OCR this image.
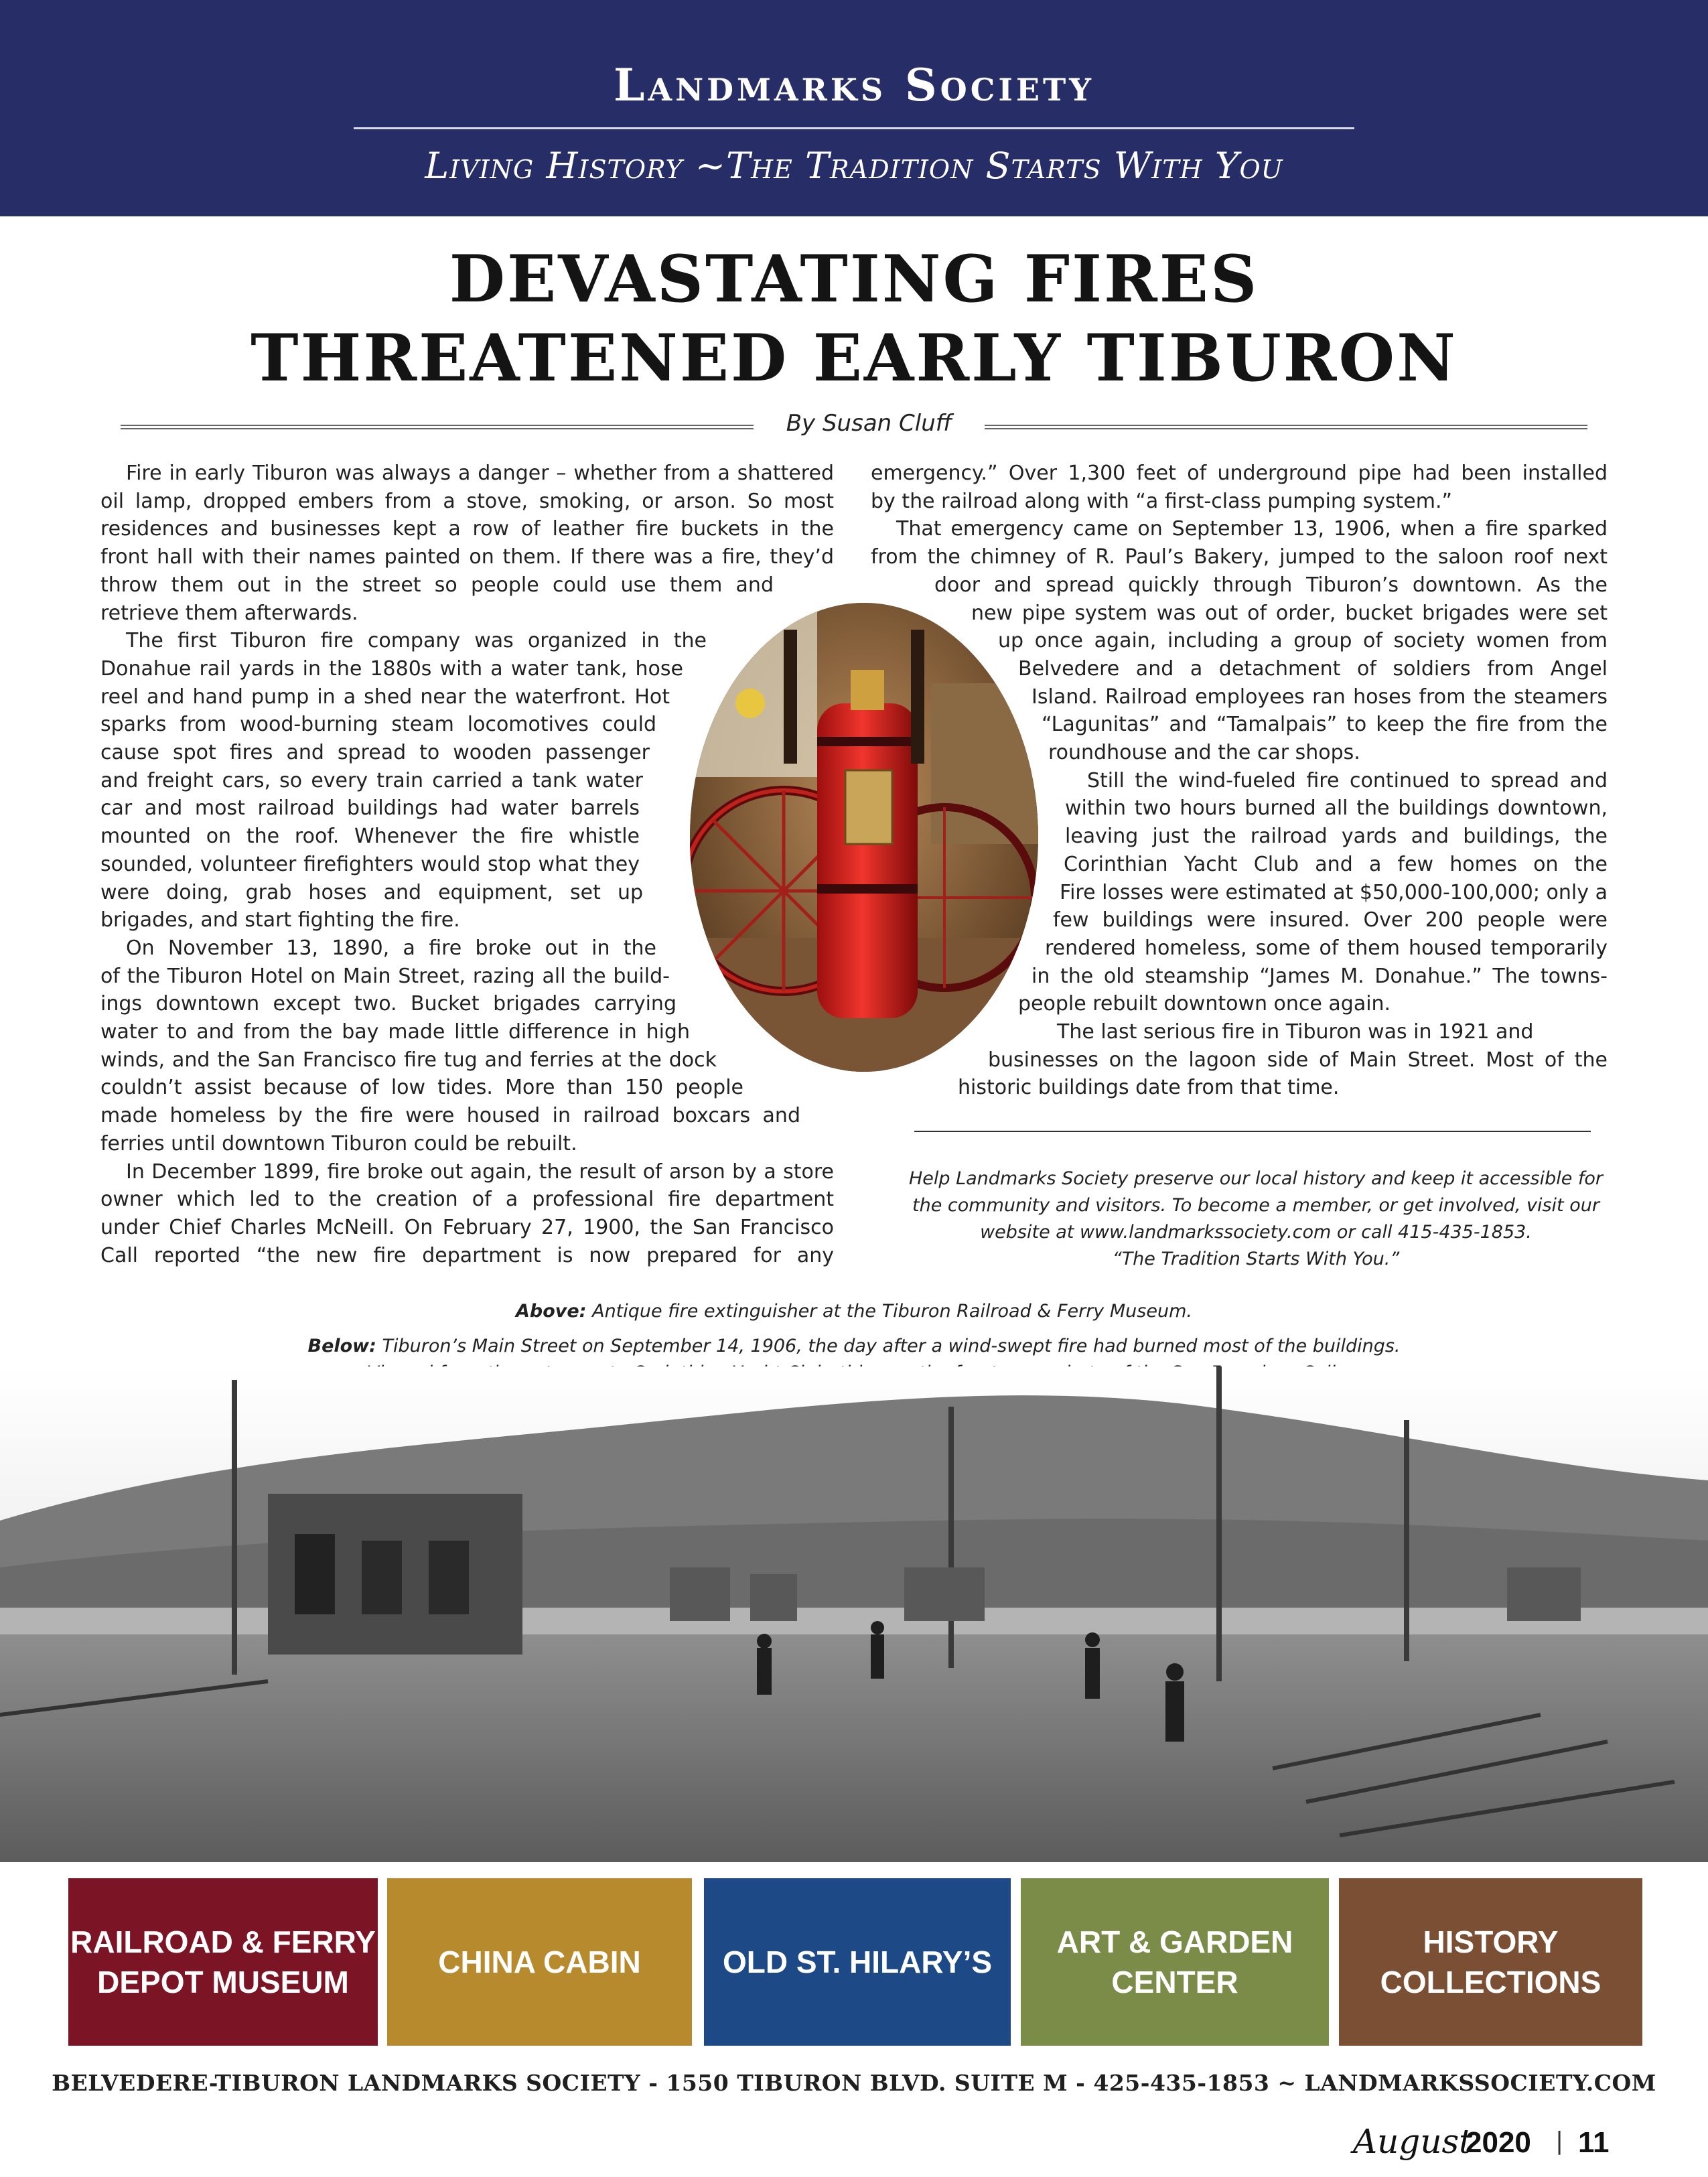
Landmarks Society
Living History ~The Tradition Starts With You
DEVASTATING FIRES
THREATENED EARLY TIBURON
By Susan Cluff
Fire in early Tiburon was always a danger – whether from a shattered
oil lamp, dropped embers from a stove, smoking, or arson. So most
residences and businesses kept a row of leather fire buckets in the
front hall with their names painted on them. If there was a fire, they’d
throw them out in the street so people could use them and
retrieve them afterwards.
The first Tiburon fire company was organized in the
Donahue rail yards in the 1880s with a water tank, hose
reel and hand pump in a shed near the waterfront. Hot
sparks from wood-burning steam locomotives could
cause spot fires and spread to wooden passenger
and freight cars, so every train carried a tank water
car and most railroad buildings had water barrels
mounted on the roof. Whenever the fire whistle
sounded, volunteer firefighters would stop what they
were doing, grab hoses and equipment, set up
brigades, and start fighting the fire.
On November 13, 1890, a fire broke out in the
of the Tiburon Hotel on Main Street, razing all the build-
ings downtown except two. Bucket brigades carrying
water to and from the bay made little difference in high
winds, and the San Francisco fire tug and ferries at the dock
couldn’t assist because of low tides. More than 150 people
made homeless by the fire were housed in railroad boxcars and
ferries until downtown Tiburon could be rebuilt.
In December 1899, fire broke out again, the result of arson by a store
owner which led to the creation of a professional fire department
under Chief Charles McNeill. On February 27, 1900, the San Francisco
Call reported “the new fire department is now prepared for any
emergency.” Over 1,300 feet of underground pipe had been installed
by the railroad along with “a first-class pumping system.”
That emergency came on September 13, 1906, when a fire sparked
from the chimney of R. Paul’s Bakery, jumped to the saloon roof next
door and spread quickly through Tiburon’s downtown. As the
new pipe system was out of order, bucket brigades were set
up once again, including a group of society women from
Belvedere and a detachment of soldiers from Angel
Island. Railroad employees ran hoses from the steamers
“Lagunitas” and “Tamalpais” to keep the fire from the
roundhouse and the car shops.
Still the wind-fueled fire continued to spread and
within two hours burned all the buildings downtown,
leaving just the railroad yards and buildings, the
Corinthian Yacht Club and a few homes on the
Fire losses were estimated at $50,000-100,000; only a
few buildings were insured. Over 200 people were
rendered homeless, some of them housed temporarily
in the old steamship “James M. Donahue.” The towns-
people rebuilt downtown once again.
The last serious fire in Tiburon was in 1921 and
businesses on the lagoon side of Main Street. Most of the
historic buildings date from that time.
Help Landmarks Society preserve our local history and keep it accessible for
the community and visitors. To become a member, or get involved, visit our
website at www.landmarkssociety.com or call 415-435-1853.
“The Tradition Starts With You.”
Above: Antique fire extinguisher at the Tiburon Railroad & Ferry Museum.
Below: Tiburon’s Main Street on September 14, 1906, the day after a wind-swept fire had burned most of the buildings.
RAILROAD & FERRY
DEPOT MUSEUM
CHINA CABIN	OLD ST. HILARY’S
ART & GARDEN
CENTER
HISTORY
COLLECTIONS
BELVEDERE-TIBURON LANDMARKS SOCIETY - 1550 TIBURON BLVD. SUITE M - 425-435-1853 ~ LANDMARKSSOCIETY.COM
August
2020 | 11
